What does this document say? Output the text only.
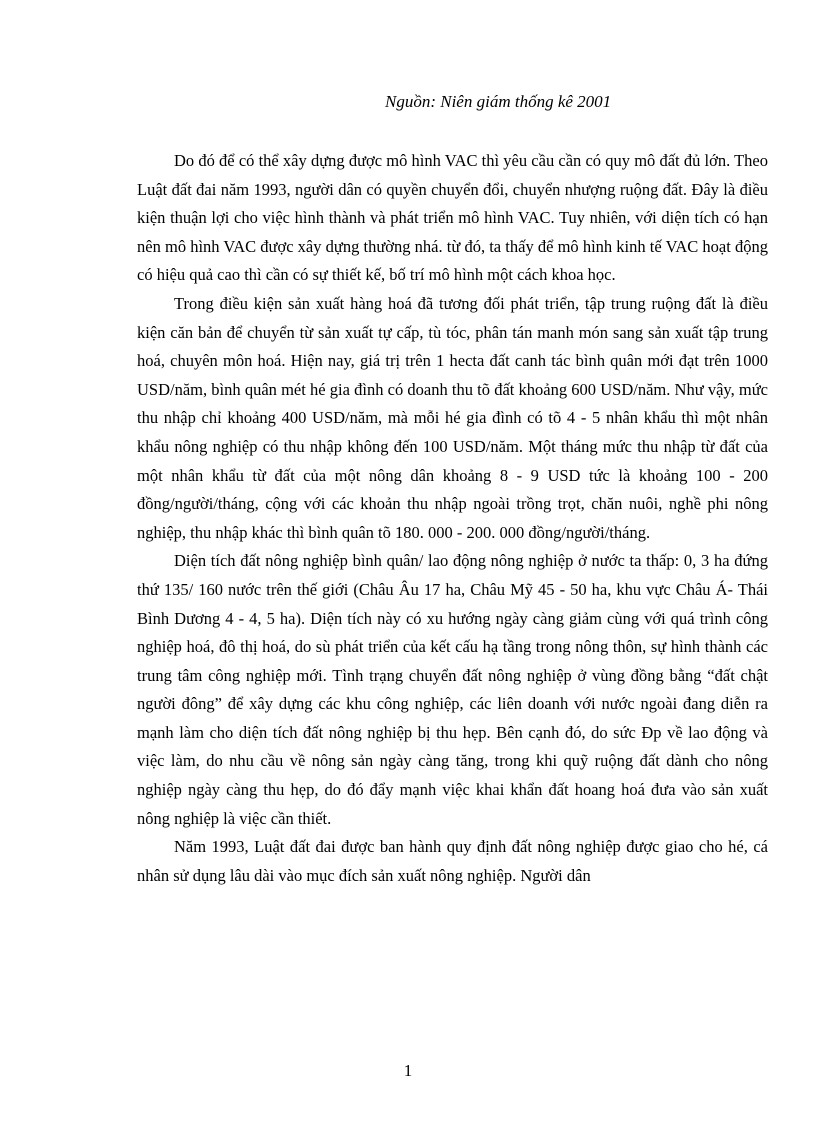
Nguồn: Niên giám thống kê 2001

Do đó để có thể xây dựng được mô hình VAC thì yêu cầu cần có quy mô đất đủ lớn. Theo Luật đất đai năm 1993, người dân có quyền chuyển đổi, chuyển nhượng ruộng đất. Đây là điều kiện thuận lợi cho việc hình thành và phát triển mô hình VAC. Tuy nhiên, với diện tích có hạn nên mô hình VAC được xây dựng thường nhá. từ đó, ta thấy để mô hình kinh tế VAC hoạt động có hiệu quả cao thì cần có sự thiết kế, bố trí mô hình một cách khoa học.

Trong điều kiện sản xuất hàng hoá đã tương đối phát triển, tập trung ruộng đất là điều kiện căn bản để chuyển từ sản xuất tự cấp, tù tóc, phân tán manh món sang sản xuất tập trung hoá, chuyên môn hoá. Hiện nay, giá trị trên 1 hecta đất canh tác bình quân mới đạt trên 1000 USD/năm, bình quân mét hé gia đình có doanh thu tõ đất khoảng 600 USD/năm. Như vậy, mức thu nhập chỉ khoảng 400 USD/năm, mà mỗi hé gia đình có tõ 4 - 5 nhân khẩu thì một nhân khẩu nông nghiệp có thu nhập không đến 100 USD/năm. Một tháng mức thu nhập từ đất của một nhân khẩu từ đất của một nông dân khoảng 8 - 9 USD tức là khoảng 100 - 200 đồng/người/tháng, cộng với các khoản thu nhập ngoài trồng trọt, chăn nuôi, nghề phi nông nghiệp, thu nhập khác thì bình quân tõ 180. 000 - 200. 000 đồng/người/tháng.

Diện tích đất nông nghiệp bình quân/ lao động nông nghiệp ở nước ta thấp: 0, 3 ha đứng thứ 135/ 160 nước trên thế giới (Châu Âu 17 ha, Châu Mỹ 45 - 50 ha, khu vực Châu Á- Thái Bình Dương 4 - 4, 5 ha). Diện tích này có xu hướng ngày càng giảm cùng với quá trình công nghiệp hoá, đô thị hoá, do sù phát triển của kết cấu hạ tầng trong nông thôn, sự hình thành các trung tâm công nghiệp mới. Tình trạng chuyển đất nông nghiệp ở vùng đồng bằng “đất chật người đông” để xây dựng các khu công nghiệp, các liên doanh với nước ngoài đang diễn ra mạnh làm cho diện tích đất nông nghiệp bị thu hẹp. Bên cạnh đó, do sức Ðp về lao động và việc làm, do nhu cầu về nông sản ngày càng tăng, trong khi quỹ ruộng đất dành cho nông nghiệp ngày càng thu hẹp, do đó đẩy mạnh việc khai khẩn đất hoang hoá đưa vào sản xuất nông nghiệp là việc cần thiết.

Năm 1993, Luật đất đai được ban hành quy định đất nông nghiệp được giao cho hé, cá nhân sử dụng lâu dài vào mục đích sản xuất nông nghiệp. Người dân

1
